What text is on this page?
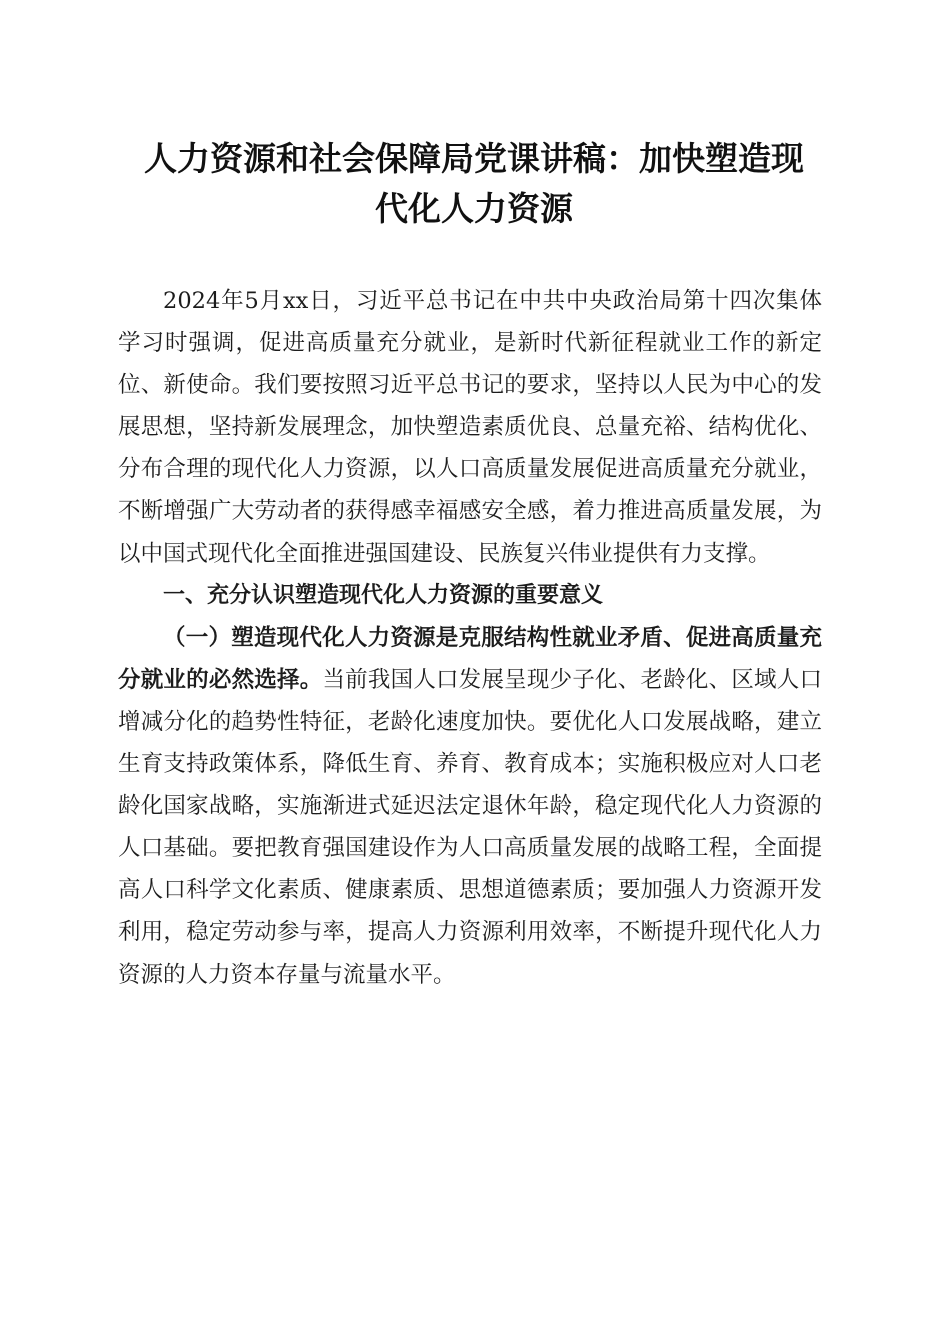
人力资源和社会保障局党课讲稿：加快塑造现
代化人力资源

2024年5月xx日，习近平总书记在中共中央政治局第十四次集体学习时强调，促进高质量充分就业，是新时代新征程就业工作的新定位、新使命。我们要按照习近平总书记的要求，坚持以人民为中心的发展思想，坚持新发展理念，加快塑造素质优良、总量充裕、结构优化、分布合理的现代化人力资源，以人口高质量发展促进高质量充分就业，不断增强广大劳动者的获得感幸福感安全感，着力推进高质量发展，为以中国式现代化全面推进强国建设、民族复兴伟业提供有力支撑。

一、充分认识塑造现代化人力资源的重要意义

（一）塑造现代化人力资源是克服结构性就业矛盾、促进高质量充分就业的必然选择。当前我国人口发展呈现少子化、老龄化、区域人口增减分化的趋势性特征，老龄化速度加快。要优化人口发展战略，建立生育支持政策体系，降低生育、养育、教育成本；实施积极应对人口老龄化国家战略，实施渐进式延迟法定退休年龄，稳定现代化人力资源的人口基础。要把教育强国建设作为人口高质量发展的战略工程，全面提高人口科学文化素质、健康素质、思想道德素质；要加强人力资源开发利用，稳定劳动参与率，提高人力资源利用效率，不断提升现代化人力资源的人力资本存量与流量水平。
